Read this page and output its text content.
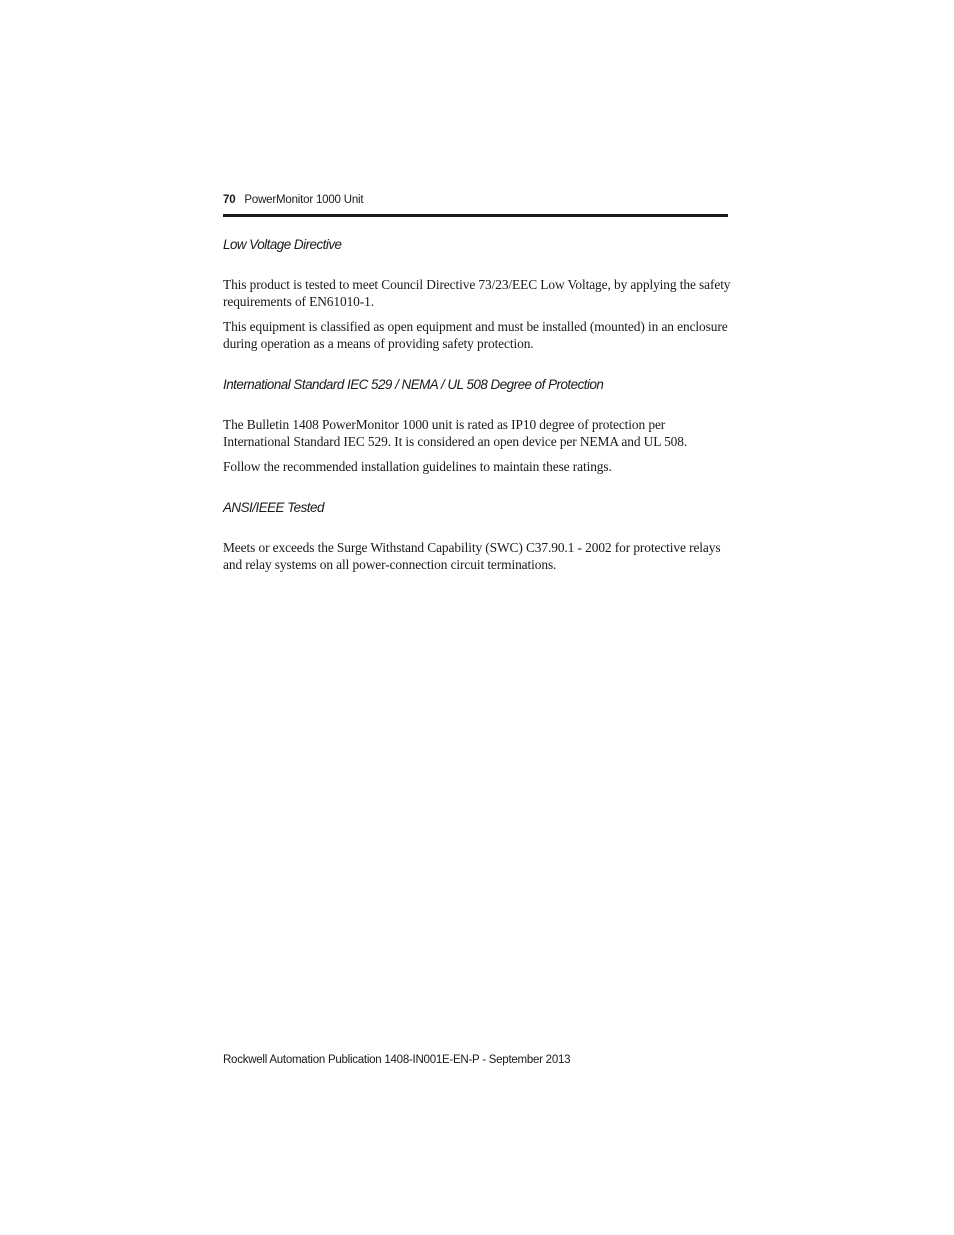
70 PowerMonitor 1000 Unit
Low Voltage Directive

This product is tested to meet Council Directive 73/23/EEC Low Voltage, by applying the safety requirements of EN61010-1.

This equipment is classified as open equipment and must be installed (mounted) in an enclosure during operation as a means of providing safety protection.

International Standard IEC 529 / NEMA / UL 508 Degree of Protection

The Bulletin 1408 PowerMonitor 1000 unit is rated as IP10 degree of protection per International Standard IEC 529. It is considered an open device per NEMA and UL 508.

Follow the recommended installation guidelines to maintain these ratings.

ANSI/IEEE Tested

Meets or exceeds the Surge Withstand Capability (SWC) C37.90.1 - 2002 for protective relays and relay systems on all power-connection circuit terminations.

Rockwell Automation Publication 1408-IN001E-EN-P - September 2013
